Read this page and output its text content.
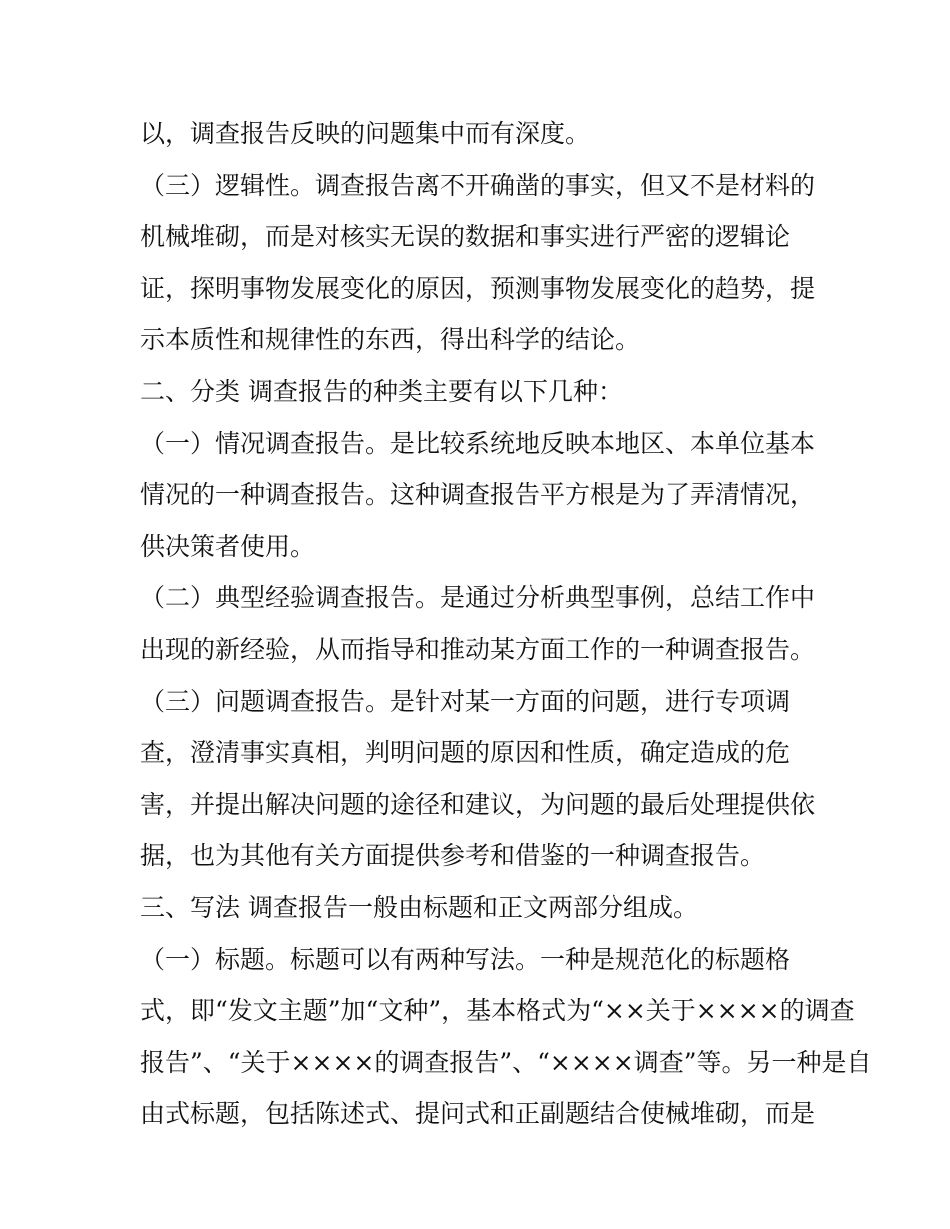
以，调查报告反映的问题集中而有深度。
（三）逻辑性。调查报告离不开确凿的事实，但又不是材料的
机械堆砌，而是对核实无误的数据和事实进行严密的逻辑论
证，探明事物发展变化的原因，预测事物发展变化的趋势，提
示本质性和规律性的东西，得出科学的结论。
二、分类 调查报告的种类主要有以下几种：
（一）情况调查报告。是比较系统地反映本地区、本单位基本
情况的一种调查报告。这种调查报告平方根是为了弄清情况，
供决策者使用。
（二）典型经验调查报告。是通过分析典型事例，总结工作中
出现的新经验，从而指导和推动某方面工作的一种调查报告。
（三）问题调查报告。是针对某一方面的问题，进行专项调
查，澄清事实真相，判明问题的原因和性质，确定造成的危
害，并提出解决问题的途径和建议，为问题的最后处理提供依
据，也为其他有关方面提供参考和借鉴的一种调查报告。
三、写法 调查报告一般由标题和正文两部分组成。
（一）标题。标题可以有两种写法。一种是规范化的标题格
式，即“发文主题”加“文种”，基本格式为“××关于××××的调查
报告”、“关于××××的调查报告”、“××××调查”等。另一种是自
由式标题，包括陈述式、提问式和正副题结合使械堆砌，而是
